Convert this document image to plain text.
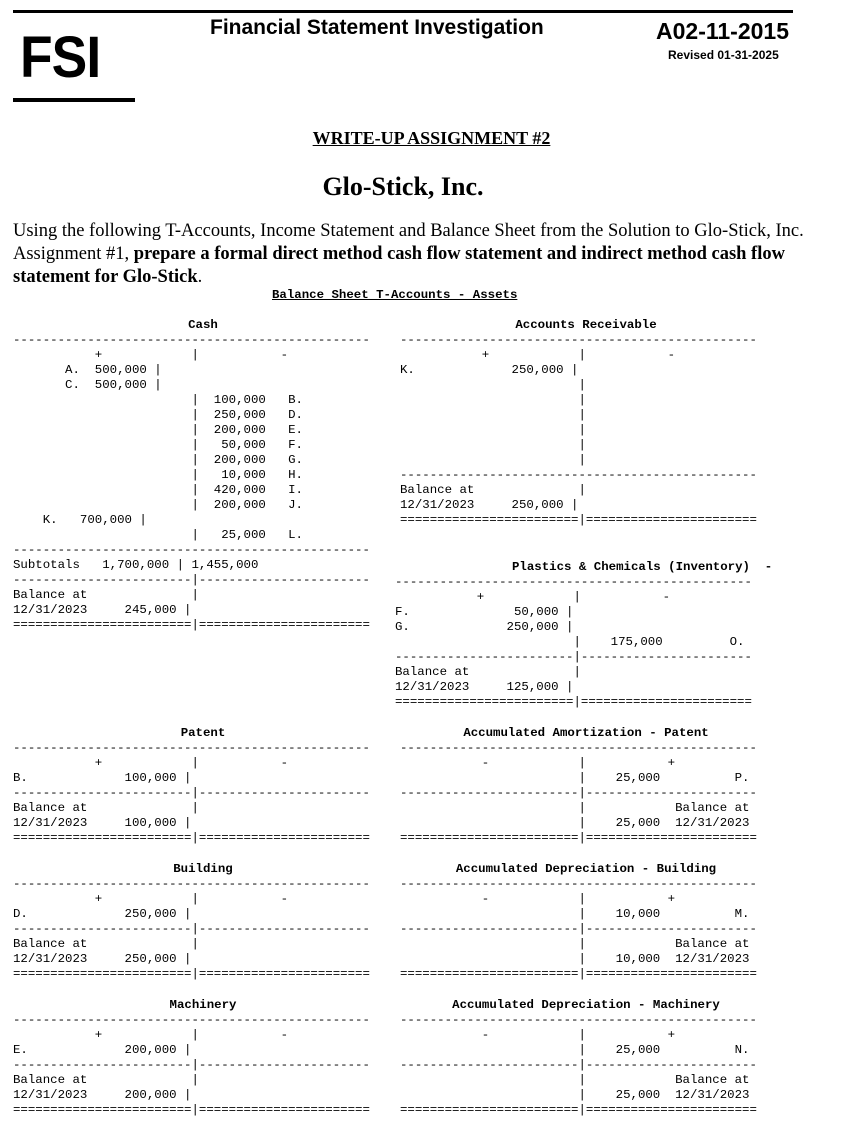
FSI	Financial Statement Investigation	A02-11-2015
Revised 01-31-2025
WRITE-UP ASSIGNMENT #2
Glo-Stick, Inc.
Using the following T-Accounts, Income Statement and Balance Sheet from the Solution to Glo-Stick, Inc. Assignment #1, prepare a formal direct method cash flow statement and indirect method cash flow statement for Glo-Stick.
Balance Sheet T-Accounts - Assets
Cash
------------------------------------------------
+            |           -
A.  500,000 |
C.  500,000 |
|  100,000   B.
|  250,000   D.
|  200,000   E.
|   50,000   F.
|  200,000   G.
|   10,000   H.
|  420,000   I.
|  200,000   J.
K.   700,000 |
|   25,000   L.
------------------------------------------------
Subtotals   1,700,000 | 1,455,000
------------------------|-----------------------
Balance at              |
12/31/2023     245,000 |
========================|=======================
Accounts Receivable
------------------------------------------------
+            |           -
K.             250,000 |
|
|
|
|
|
|
------------------------------------------------
Balance at              |
12/31/2023     250,000 |
========================|=======================
Plastics & Chemicals (Inventory)  -
------------------------------------------------
+            |           -
F.              50,000 |
G.             250,000 |
|    175,000         O.
------------------------|-----------------------
Balance at              |
12/31/2023     125,000 |
========================|=======================
Patent
------------------------------------------------
+            |           -
B.             100,000 |
------------------------|-----------------------
Balance at              |
12/31/2023     100,000 |
========================|=======================
Accumulated Amortization - Patent
------------------------------------------------
-            |           +
|    25,000          P.
------------------------|-----------------------
|            Balance at
|    25,000  12/31/2023
========================|=======================
Building
------------------------------------------------
+            |           -
D.             250,000 |
------------------------|-----------------------
Balance at              |
12/31/2023     250,000 |
========================|=======================
Accumulated Depreciation - Building
------------------------------------------------
-            |           +
|    10,000          M.
------------------------|-----------------------
|            Balance at
|    10,000  12/31/2023
========================|=======================
Machinery
------------------------------------------------
+            |           -
E.             200,000 |
------------------------|-----------------------
Balance at              |
12/31/2023     200,000 |
========================|=======================
Accumulated Depreciation - Machinery
------------------------------------------------
-            |           +
|    25,000          N.
------------------------|-----------------------
|            Balance at
|    25,000  12/31/2023
========================|=======================
